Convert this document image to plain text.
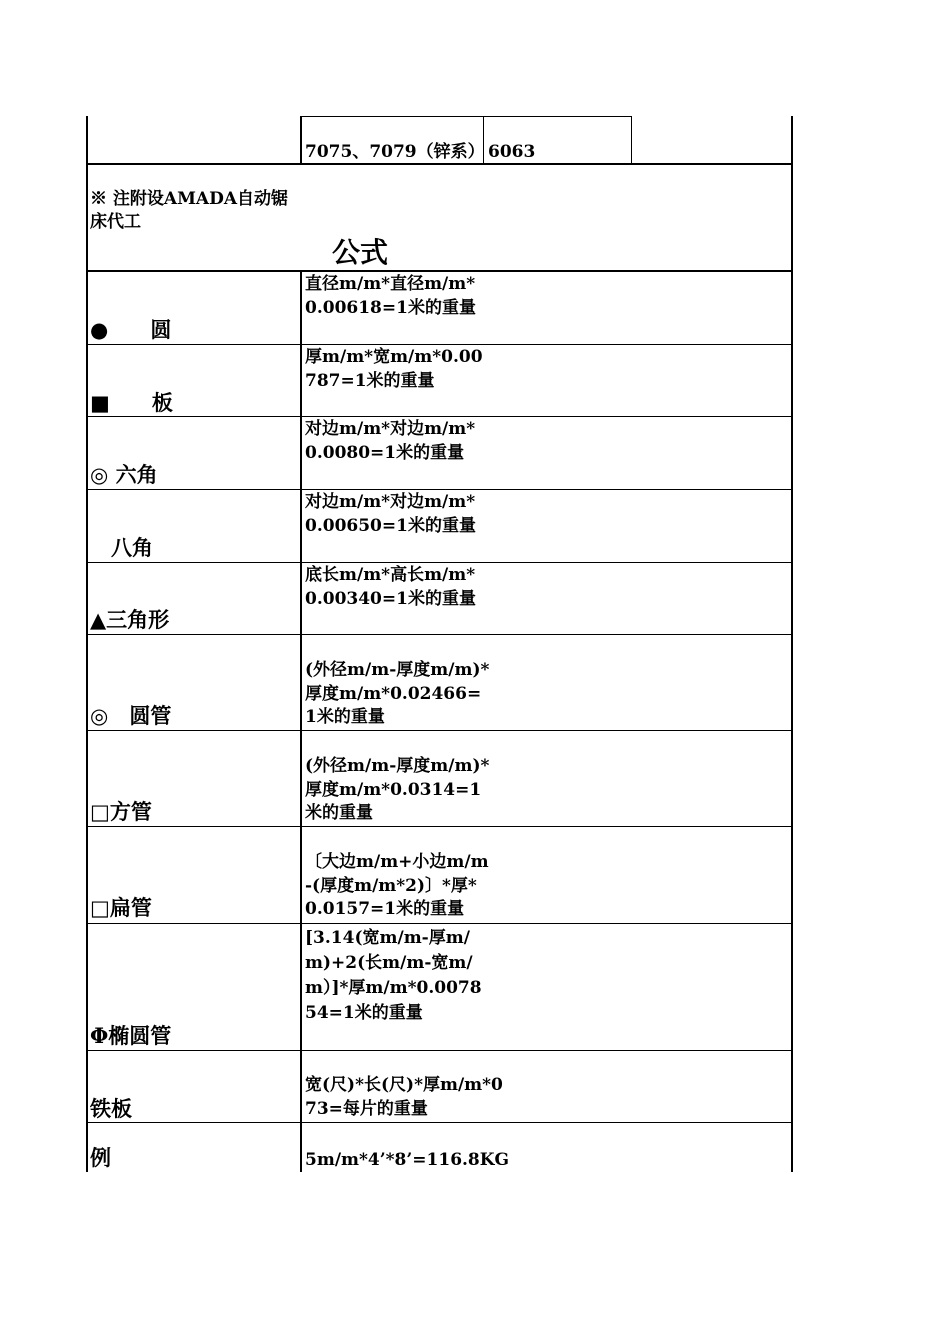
7075、7079（锌系） 6063
※ 注附设AMADA自动锯
床代工
公式
●　　圆
直径m/m*直径m/m*0.00618=1米的重量
■　　板
厚m/m*宽m/m*0.00787=1米的重量
◎ 六角
对边m/m*对边m/m*0.0080=1米的重量
　八角
对边m/m*对边m/m*0.00650=1米的重量
▲三角形
底长m/m*高长m/m*0.00340=1米的重量
◎　圆管
(外径m/m-厚度m/m)*厚度m/m*0.02466=1米的重量
□方管
(外径m/m-厚度m/m)*厚度m/m*0.0314=1米的重量
□扁管
〔大边m/m+小边m/m-(厚度m/m*2)〕*厚*0.0157=1米的重量
Φ椭圆管
[3.14(宽m/m-厚m/m)+2(长m/m-宽m/m）]*厚m/m*0.007854=1米的重量
铁板
宽(尺)*长(尺)*厚m/m*073=每片的重量
例	5m/m*4’*8’=116.8KG
